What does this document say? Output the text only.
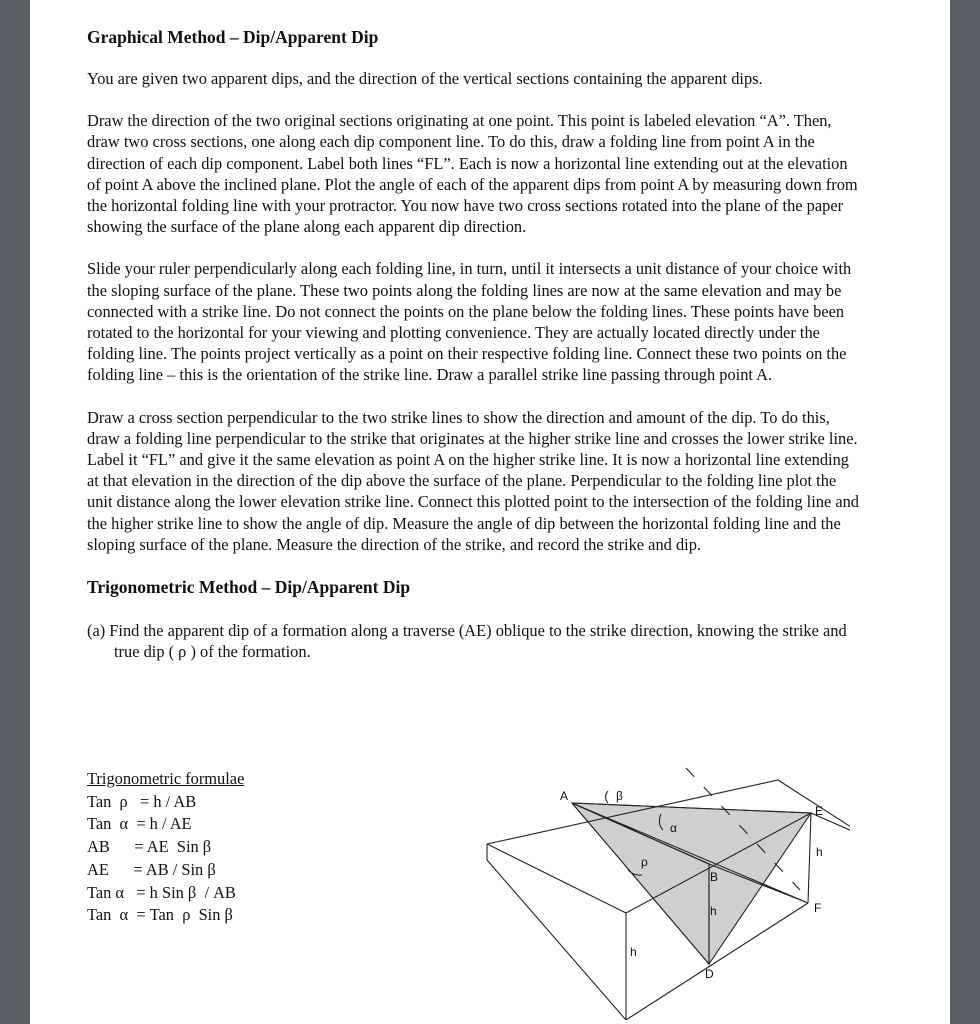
Graphical Method – Dip/Apparent Dip

You are given two apparent dips, and the direction of the vertical sections containing the apparent dips.

Draw the direction of the two original sections originating at one point. This point is labeled elevation “A”. Then, draw two cross sections, one along each dip component line. To do this, draw a folding line from point A in the direction of each dip component. Label both lines “FL”. Each is now a horizontal line extending out at the elevation of point A above the inclined plane. Plot the angle of each of the apparent dips from point A by measuring down from the horizontal folding line with your protractor. You now have two cross sections rotated into the plane of the paper showing the surface of the plane along each apparent dip direction.

Slide your ruler perpendicularly along each folding line, in turn, until it intersects a unit distance of your choice with the sloping surface of the plane. These two points along the folding lines are now at the same elevation and may be connected with a strike line. Do not connect the points on the plane below the folding lines. These points have been rotated to the horizontal for your viewing and plotting convenience. They are actually located directly under the folding line. The points project vertically as a point on their respective folding line. Connect these two points on the folding line – this is the orientation of the strike line. Draw a parallel strike line passing through point A.

Draw a cross section perpendicular to the two strike lines to show the direction and amount of the dip. To do this, draw a folding line perpendicular to the strike that originates at the higher strike line and crosses the lower strike line. Label it “FL” and give it the same elevation as point A on the higher strike line. It is now a horizontal line extending at that elevation in the direction of the dip above the surface of the plane. Perpendicular to the folding line plot the unit distance along the lower elevation strike line. Connect this plotted point to the intersection of the folding line and the higher strike line to show the angle of dip. Measure the angle of dip between the horizontal folding line and the sloping surface of the plane. Measure the direction of the strike, and record the strike and dip.

Trigonometric Method – Dip/Apparent Dip

(a) Find the apparent dip of a formation along a traverse (AE) oblique to the strike direction, knowing the strike and true dip ( ρ ) of the formation.

Trigonometric formulae
Tan  ρ   = h / AB
Tan  α  = h / AE
AB      = AE  Sin β
AE      = AB / Sin β
Tan α   = h Sin β  / AB
Tan  α  = Tan  ρ  Sin β
A	β
E
α
h
ρ
B
F
h
h
D
